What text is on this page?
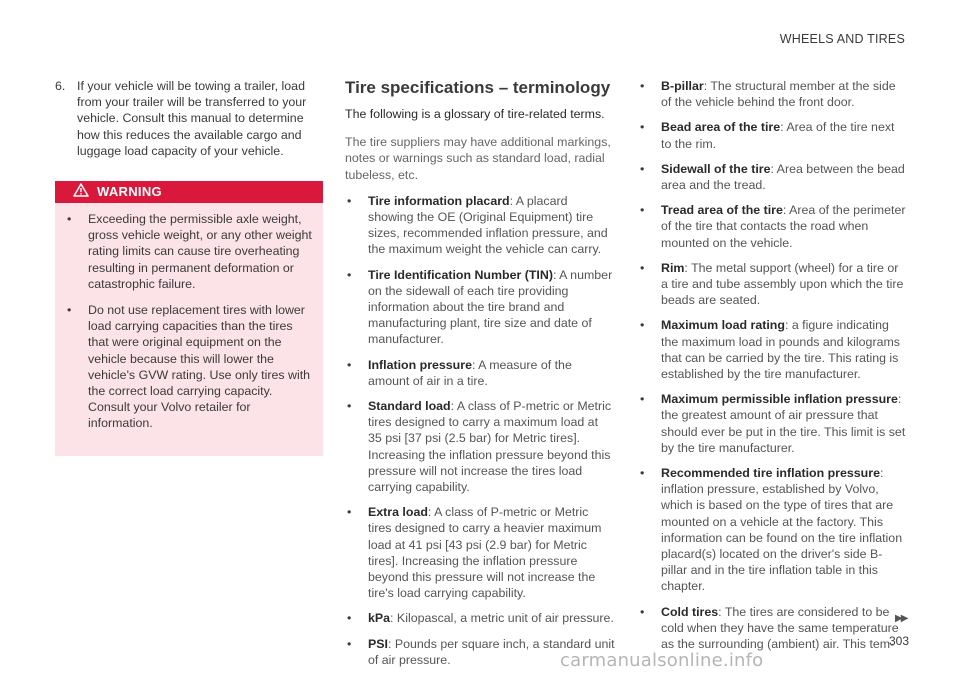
WHEELS AND TIRES
6. If your vehicle will be towing a trailer, load from your trailer will be transferred to your vehicle. Consult this manual to determine how this reduces the available cargo and luggage load capacity of your vehicle.
WARNING
•	Exceeding the permissible axle weight, gross vehicle weight, or any other weight rating limits can cause tire overheating resulting in permanent deformation or catastrophic failure.
•	Do not use replacement tires with lower load carrying capacities than the tires that were original equipment on the vehicle because this will lower the vehicle's GVW rating. Use only tires with the correct load carrying capacity. Consult your Volvo retailer for information.
Tire specifications – terminology
The following is a glossary of tire-related terms.
The tire suppliers may have additional markings, notes or warnings such as standard load, radial tubeless, etc.
•	Tire information placard: A placard showing the OE (Original Equipment) tire sizes, recommended inflation pressure, and the maximum weight the vehicle can carry.
•	Tire Identification Number (TIN): A number on the sidewall of each tire providing information about the tire brand and manufacturing plant, tire size and date of manufacturer.
•	Inflation pressure: A measure of the amount of air in a tire.
•	Standard load: A class of P-metric or Metric tires designed to carry a maximum load at 35 psi [37 psi (2.5 bar) for Metric tires]. Increasing the inflation pressure beyond this pressure will not increase the tires load carrying capability.
•	Extra load: A class of P-metric or Metric tires designed to carry a heavier maximum load at 41 psi [43 psi (2.9 bar) for Metric tires]. Increasing the inflation pressure beyond this pressure will not increase the tire's load carrying capability.
•	kPa: Kilopascal, a metric unit of air pressure.
•	PSI: Pounds per square inch, a standard unit of air pressure.
•	B-pillar: The structural member at the side of the vehicle behind the front door.
•	Bead area of the tire: Area of the tire next to the rim.
•	Sidewall of the tire: Area between the bead area and the tread.
•	Tread area of the tire: Area of the perimeter of the tire that contacts the road when mounted on the vehicle.
•	Rim: The metal support (wheel) for a tire or a tire and tube assembly upon which the tire beads are seated.
•	Maximum load rating: a figure indicating the maximum load in pounds and kilograms that can be carried by the tire. This rating is established by the tire manufacturer.
•	Maximum permissible inflation pressure: the greatest amount of air pressure that should ever be put in the tire. This limit is set by the tire manufacturer.
•	Recommended tire inflation pressure: inflation pressure, established by Volvo, which is based on the type of tires that are mounted on a vehicle at the factory. This information can be found on the tire inflation placard(s) located on the driver's side B-pillar and in the tire inflation table in this chapter.
•	Cold tires: The tires are considered to be cold when they have the same temperature as the surrounding (ambient) air. This tem-
▶▶
303
carmanualsonline.info
